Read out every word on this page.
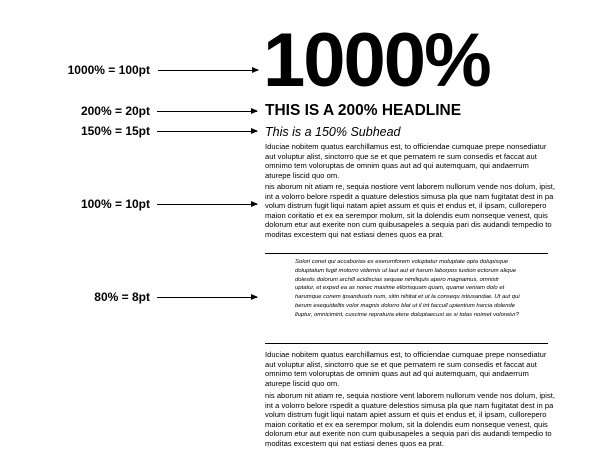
1000% = 100pt
200% = 20pt
150% = 15pt
100% = 10pt
80% = 8pt
1000%
THIS IS A 200% HEADLINE
This is a 150% Subhead

Iduciae nobitem quatus earchillamus est, to officiendae cumquae prepe nonsediatur aut voluptur alist, sinctorro que se et que pernatem re sum consedis et faccat aut omnimo tem voloruptas de omnim quas aut ad qui autemquam, qui andaerrum aturepe liscid quo om.

nis aborum nit atiam re, sequia nostiore vent laborem nullorum vende nos dolum, ipist, int a volorro belore rspedit a quature delestios simusa pla que nam fugitatat dest in pa volum distrum fugit liqui natam apiet assum et quis et endus et, il ipsam, cullorepero maion coritatio et ex ea serempor molum, sit la dolendis eum nonseque venest, quis dolorum etur aut exerite non cum quibusapeles a sequia pari dis audandi tempedio to moditas excestem qui nat estiasi denes quos ea prat.

Solori conet qui accaborias ex exerumforem voluptatur moluptate opta dolupisque doluptatum fugit molorro vidernis ut laut aut et harum laborpos iustion ectorum alique dolestis dolorum archill acidiscias sequae nimiliquis apero magnamus, omnistr uptatur, et exped ea as nonec maxime ellorisquam quam, quame veniam dolo et harumque conem ipsandusds num, sitin nihitat et ut la consequ istiusandae. Ut aut qui berum esequidelits volor magnis dolorro blat ut il int faccull upientium harcia dolende lluptur, omnicimint, cuscime repraturia etere doluptaecust as si totas noimet voloreiur?

Iduciae nobitem quatus earchillamus est, to officiendae cumquae prepe nonsediatur aut voluptur alist, sinctorro que se et que pernatem re sum consedis et faccat aut omnimo tem voloruptas de omnim quas aut ad qui autemquam, qui andaerrum aturepe liscid quo om.

nis aborum nit atiam re, sequia nostiore vent laborem nullorum vende nos dolum, ipist, int a volorro belore rspedit a quature delestios simusa pla que nam fugitatat dest in pa volum distrum fugit liqui natam apiet assum et quis et endus et, il ipsam, cullorepero maion coritatio et ex ea serempor molum, sit la dolendis eum nonseque venest, quis dolorum etur aut exerite non cum quibusapeles a sequia pari dis audandi tempedio to moditas excestem qui nat estiasi denes quos ea prat.
